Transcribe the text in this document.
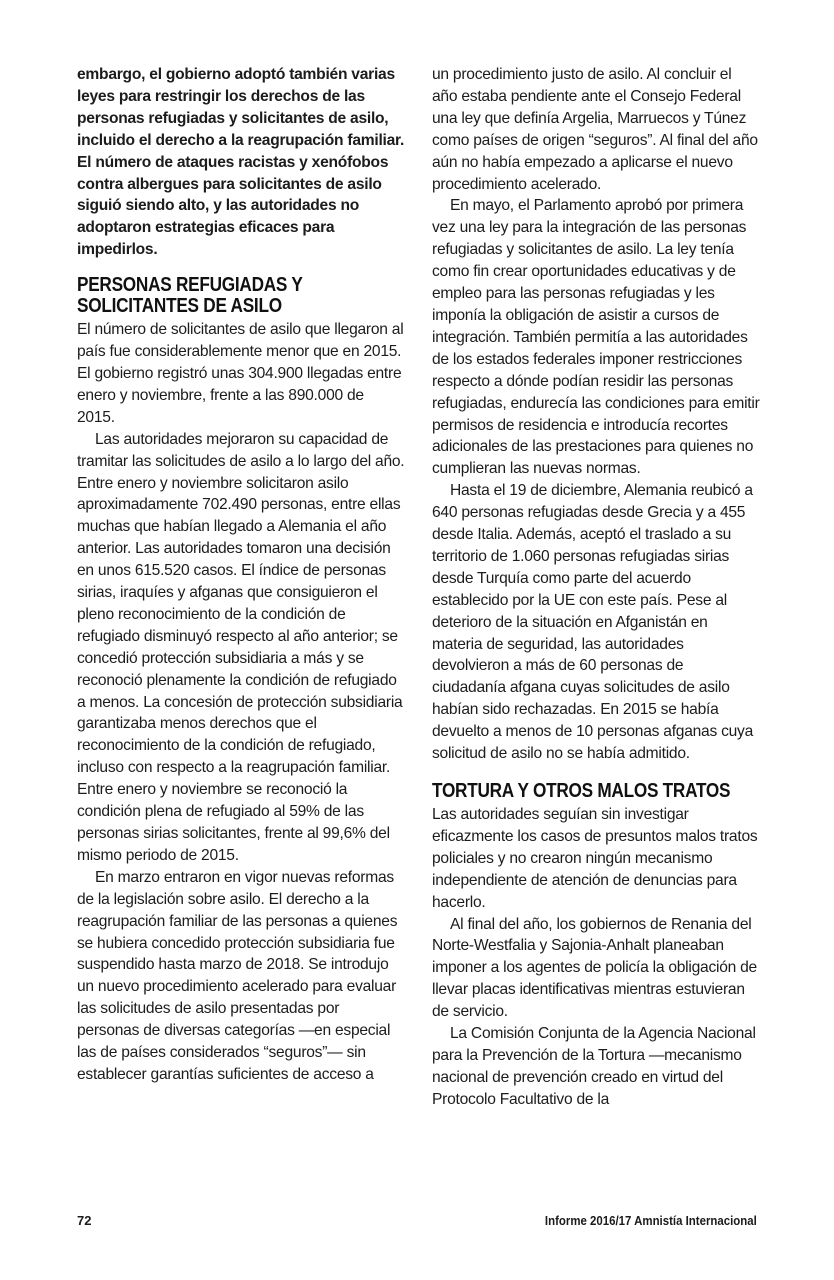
embargo, el gobierno adoptó también varias leyes para restringir los derechos de las personas refugiadas y solicitantes de asilo, incluido el derecho a la reagrupación familiar. El número de ataques racistas y xenófobos contra albergues para solicitantes de asilo siguió siendo alto, y las autoridades no adoptaron estrategias eficaces para impedirlos.

PERSONAS REFUGIADAS Y SOLICITANTES DE ASILO

El número de solicitantes de asilo que llegaron al país fue considerablemente menor que en 2015. El gobierno registró unas 304.900 llegadas entre enero y noviembre, frente a las 890.000 de 2015.

Las autoridades mejoraron su capacidad de tramitar las solicitudes de asilo a lo largo del año. Entre enero y noviembre solicitaron asilo aproximadamente 702.490 personas, entre ellas muchas que habían llegado a Alemania el año anterior. Las autoridades tomaron una decisión en unos 615.520 casos. El índice de personas sirias, iraquíes y afganas que consiguieron el pleno reconocimiento de la condición de refugiado disminuyó respecto al año anterior; se concedió protección subsidiaria a más y se reconoció plenamente la condición de refugiado a menos. La concesión de protección subsidiaria garantizaba menos derechos que el reconocimiento de la condición de refugiado, incluso con respecto a la reagrupación familiar. Entre enero y noviembre se reconoció la condición plena de refugiado al 59% de las personas sirias solicitantes, frente al 99,6% del mismo periodo de 2015.

En marzo entraron en vigor nuevas reformas de la legislación sobre asilo. El derecho a la reagrupación familiar de las personas a quienes se hubiera concedido protección subsidiaria fue suspendido hasta marzo de 2018. Se introdujo un nuevo procedimiento acelerado para evaluar las solicitudes de asilo presentadas por personas de diversas categorías —en especial las de países considerados “seguros”— sin establecer garantías suficientes de acceso a

un procedimiento justo de asilo. Al concluir el año estaba pendiente ante el Consejo Federal una ley que definía Argelia, Marruecos y Túnez como países de origen “seguros”. Al final del año aún no había empezado a aplicarse el nuevo procedimiento acelerado.

En mayo, el Parlamento aprobó por primera vez una ley para la integración de las personas refugiadas y solicitantes de asilo. La ley tenía como fin crear oportunidades educativas y de empleo para las personas refugiadas y les imponía la obligación de asistir a cursos de integración. También permitía a las autoridades de los estados federales imponer restricciones respecto a dónde podían residir las personas refugiadas, endurecía las condiciones para emitir permisos de residencia e introducía recortes adicionales de las prestaciones para quienes no cumplieran las nuevas normas.

Hasta el 19 de diciembre, Alemania reubicó a 640 personas refugiadas desde Grecia y a 455 desde Italia. Además, aceptó el traslado a su territorio de 1.060 personas refugiadas sirias desde Turquía como parte del acuerdo establecido por la UE con este país. Pese al deterioro de la situación en Afganistán en materia de seguridad, las autoridades devolvieron a más de 60 personas de ciudadanía afgana cuyas solicitudes de asilo habían sido rechazadas. En 2015 se había devuelto a menos de 10 personas afganas cuya solicitud de asilo no se había admitido.

TORTURA Y OTROS MALOS TRATOS

Las autoridades seguían sin investigar eficazmente los casos de presuntos malos tratos policiales y no crearon ningún mecanismo independiente de atención de denuncias para hacerlo.

Al final del año, los gobiernos de Renania del Norte-Westfalia y Sajonia-Anhalt planeaban imponer a los agentes de policía la obligación de llevar placas identificativas mientras estuvieran de servicio.

La Comisión Conjunta de la Agencia Nacional para la Prevención de la Tortura —mecanismo nacional de prevención creado en virtud del Protocolo Facultativo de la

72	Informe 2016/17 Amnistía Internacional
